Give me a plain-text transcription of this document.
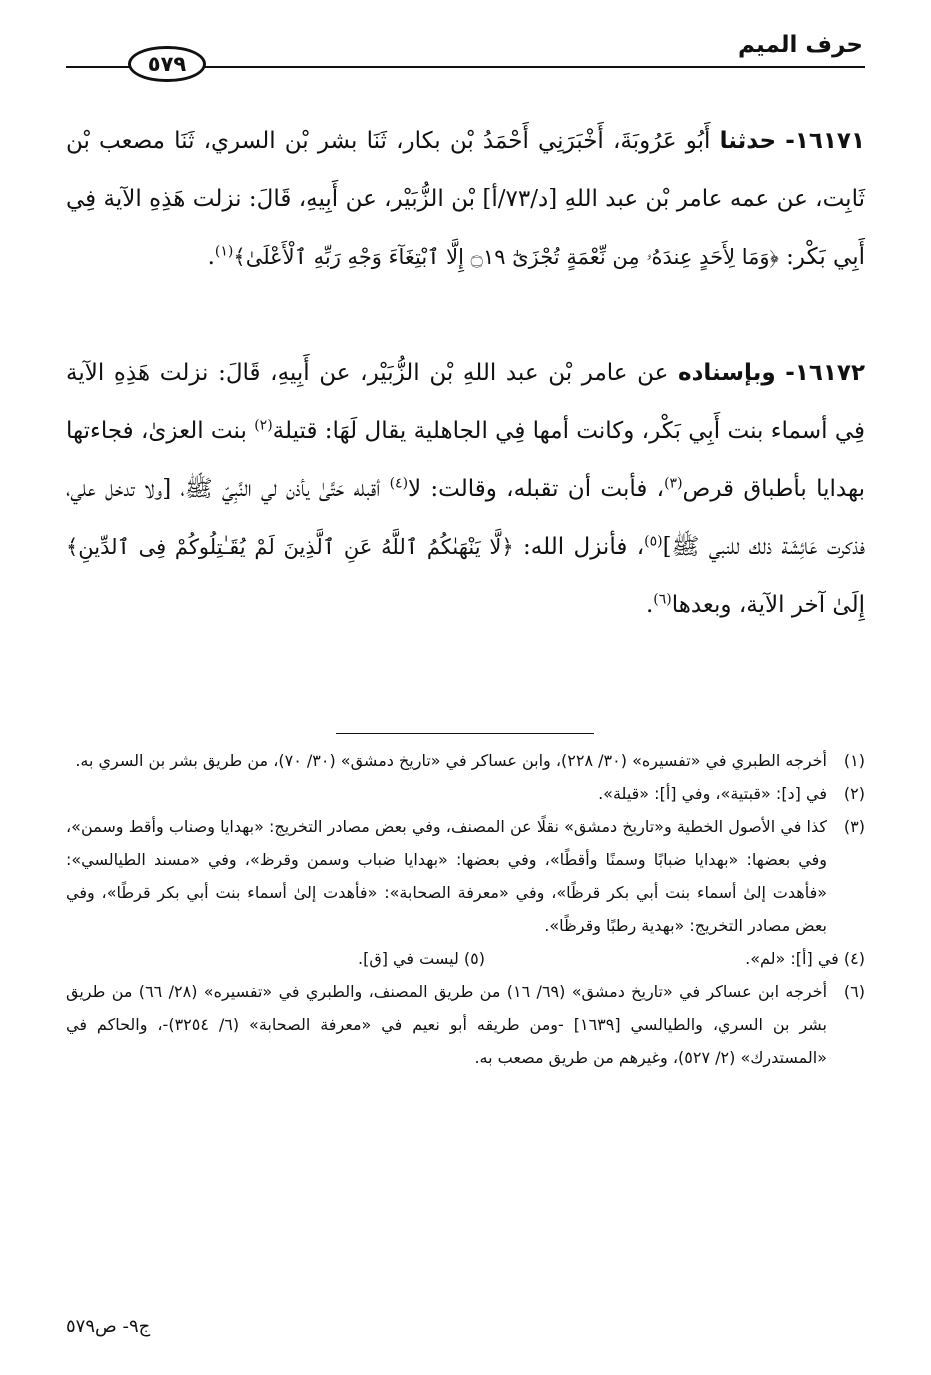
حرف الميم
٥٧٩

١٦١٧١- حدثنا أَبُو عَرُوبَةَ، أَخْبَرَنِي أَحْمَدُ بْن بكار، ثَنَا بشر بْن السري، ثَنَا مصعب بْن ثَابِت، عن عمه عامر بْن عبد اللهِ [د/٧٣/أ] بْن الزُّبَيْر، عن أَبِيهِ، قَالَ: نزلت هَذِهِ الآية فِي أَبِي بَكْر: ﴿وَمَا لِأَحَدٍ عِندَهُۥ مِن نِّعْمَةٍ تُجْزَىٰٓ ۝١٩ إِلَّا ٱبْتِغَآءَ وَجْهِ رَبِّهِ ٱلْأَعْلَىٰ﴾$^{(١)}$.

١٦١٧٢- وبإسناده عن عامر بْن عبد اللهِ بْن الزُّبَيْر، عن أَبِيهِ، قَالَ: نزلت هَذِهِ الآية فِي أسماء بنت أَبِي بَكْر، وكانت أمها فِي الجاهلية يقال لَهَا: قتيلة$^{(٢)}$ بنت العزىٰ، فجاءتها بهدايا بأطباق قرص$^{(٣)}$، فأبت أن تقبله، وقالت: لا$^{(٤)}$ أقبله حَتَّىٰ يأذن لي النَّبِيّ ﷺ، [ولا تدخل علي، فذكرت عَائِشَة ذلك للنبي ﷺ]$^{(٥)}$، فأنزل الله: ﴿لَّا يَنْهَىٰكُمُ ٱللَّهُ عَنِ ٱلَّذِينَ لَمْ يُقَـٰتِلُوكُمْ فِى ٱلدِّينِ﴾ إِلَىٰ آخر الآية، وبعدها$^{(٦)}$.

(١)
أخرجه الطبري في «تفسيره» (٣٠/ ٢٢٨)، وابن عساكر في «تاريخ دمشق» (٣٠/ ٧٠)، من طريق بشر بن السري به.
(٢)
في [د]: «قبتية»، وفي [أ]: «قيلة».
(٣)
كذا في الأصول الخطية و«تاريخ دمشق» نقلًا عن المصنف، وفي بعض مصادر التخريج: «بهدايا وصناب وأقط وسمن»، وفي بعضها: «بهدايا ضبابًا وسمنًا وأقطًا»، وفي بعضها: «بهدايا ضباب وسمن وقرظ»، وفي «مسند الطيالسي»: «فأهدت إلىٰ أسماء بنت أبي بكر قرظًا»، وفي «معرفة الصحابة»: «فأهدت إلىٰ أسماء بنت أبي بكر قرطًا»، وفي بعض مصادر التخريج: «بهدية رطبًا وقرظًا».
(٤) في [أ]: «لم».
(٥) ليست في [ق].
(٦)
أخرجه ابن عساكر في «تاريخ دمشق» (٦٩/ ١٦) من طريق المصنف، والطبري في «تفسيره» (٢٨/ ٦٦) من طريق بشر بن السري، والطيالسي [١٦٣٩] -ومن طريقه أبو نعيم في «معرفة الصحابة» (٦/ ٣٢٥٤)-، والحاكم في «المستدرك» (٢/ ٥٢٧)، وغيرهم من طريق مصعب به.
ج٩- ص٥٧٩
